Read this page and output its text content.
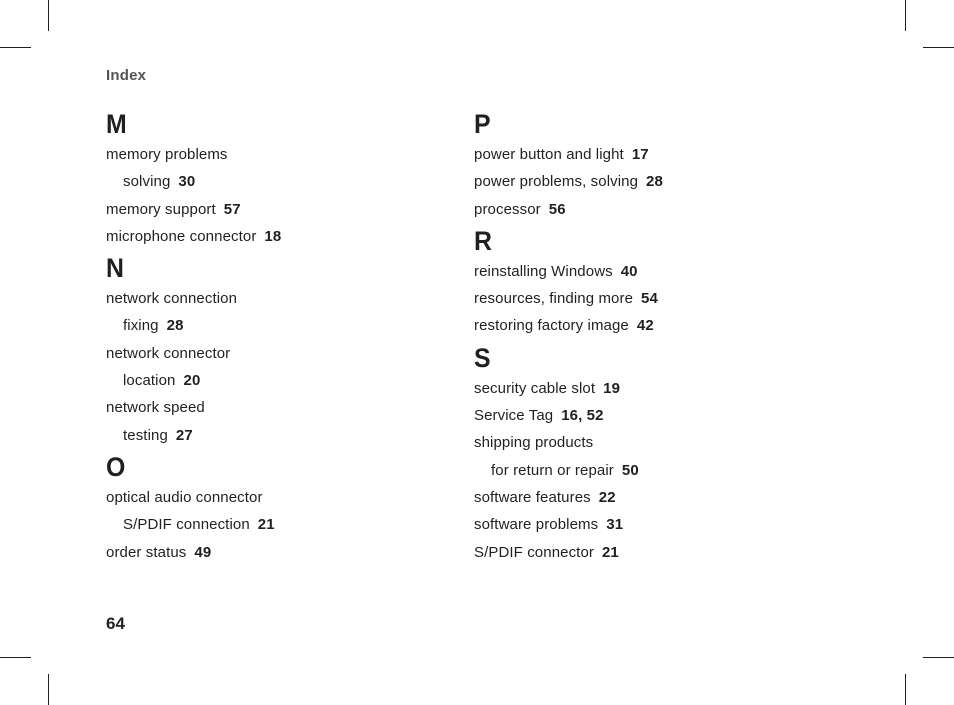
Index
M
memory problems
solving 30
memory support 57
microphone connector 18
N
network connection
fixing 28
network connector
location 20
network speed
testing 27
O
optical audio connector
S/PDIF connection 21
order status 49
P
power button and light 17
power problems, solving 28
processor 56
R
reinstalling Windows 40
resources, finding more 54
restoring factory image 42
S
security cable slot 19
Service Tag 16, 52
shipping products
for return or repair 50
software features 22
software problems 31
S/PDIF connector 21
64
